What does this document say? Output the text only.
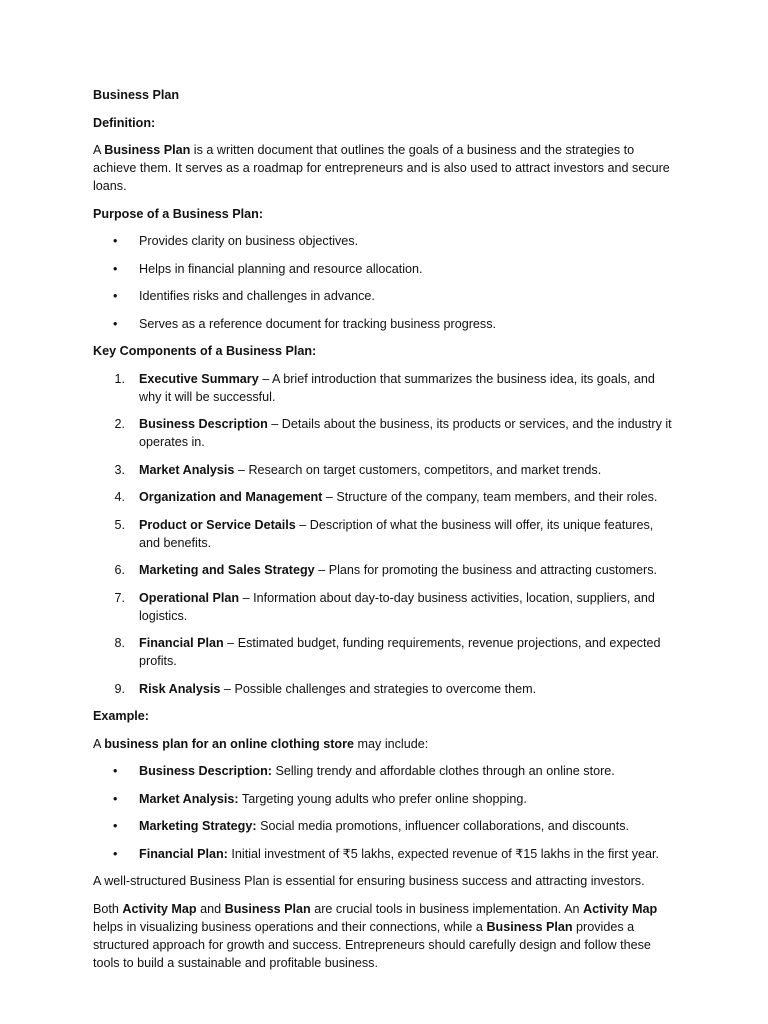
Business Plan

Definition:

A Business Plan is a written document that outlines the goals of a business and the strategies to achieve them. It serves as a roadmap for entrepreneurs and is also used to attract investors and secure loans.

Purpose of a Business Plan:

• Provides clarity on business objectives.
• Helps in financial planning and resource allocation.
• Identifies risks and challenges in advance.
• Serves as a reference document for tracking business progress.

Key Components of a Business Plan:

1. Executive Summary – A brief introduction that summarizes the business idea, its goals, and why it will be successful.
2. Business Description – Details about the business, its products or services, and the industry it operates in.
3. Market Analysis – Research on target customers, competitors, and market trends.
4. Organization and Management – Structure of the company, team members, and their roles.
5. Product or Service Details – Description of what the business will offer, its unique features, and benefits.
6. Marketing and Sales Strategy – Plans for promoting the business and attracting customers.
7. Operational Plan – Information about day-to-day business activities, location, suppliers, and logistics.
8. Financial Plan – Estimated budget, funding requirements, revenue projections, and expected profits.
9. Risk Analysis – Possible challenges and strategies to overcome them.

Example:

A business plan for an online clothing store may include:

• Business Description: Selling trendy and affordable clothes through an online store.
• Market Analysis: Targeting young adults who prefer online shopping.
• Marketing Strategy: Social media promotions, influencer collaborations, and discounts.
• Financial Plan: Initial investment of ₹5 lakhs, expected revenue of ₹15 lakhs in the first year.

A well-structured Business Plan is essential for ensuring business success and attracting investors.

Both Activity Map and Business Plan are crucial tools in business implementation. An Activity Map helps in visualizing business operations and their connections, while a Business Plan provides a structured approach for growth and success. Entrepreneurs should carefully design and follow these tools to build a sustainable and profitable business.
